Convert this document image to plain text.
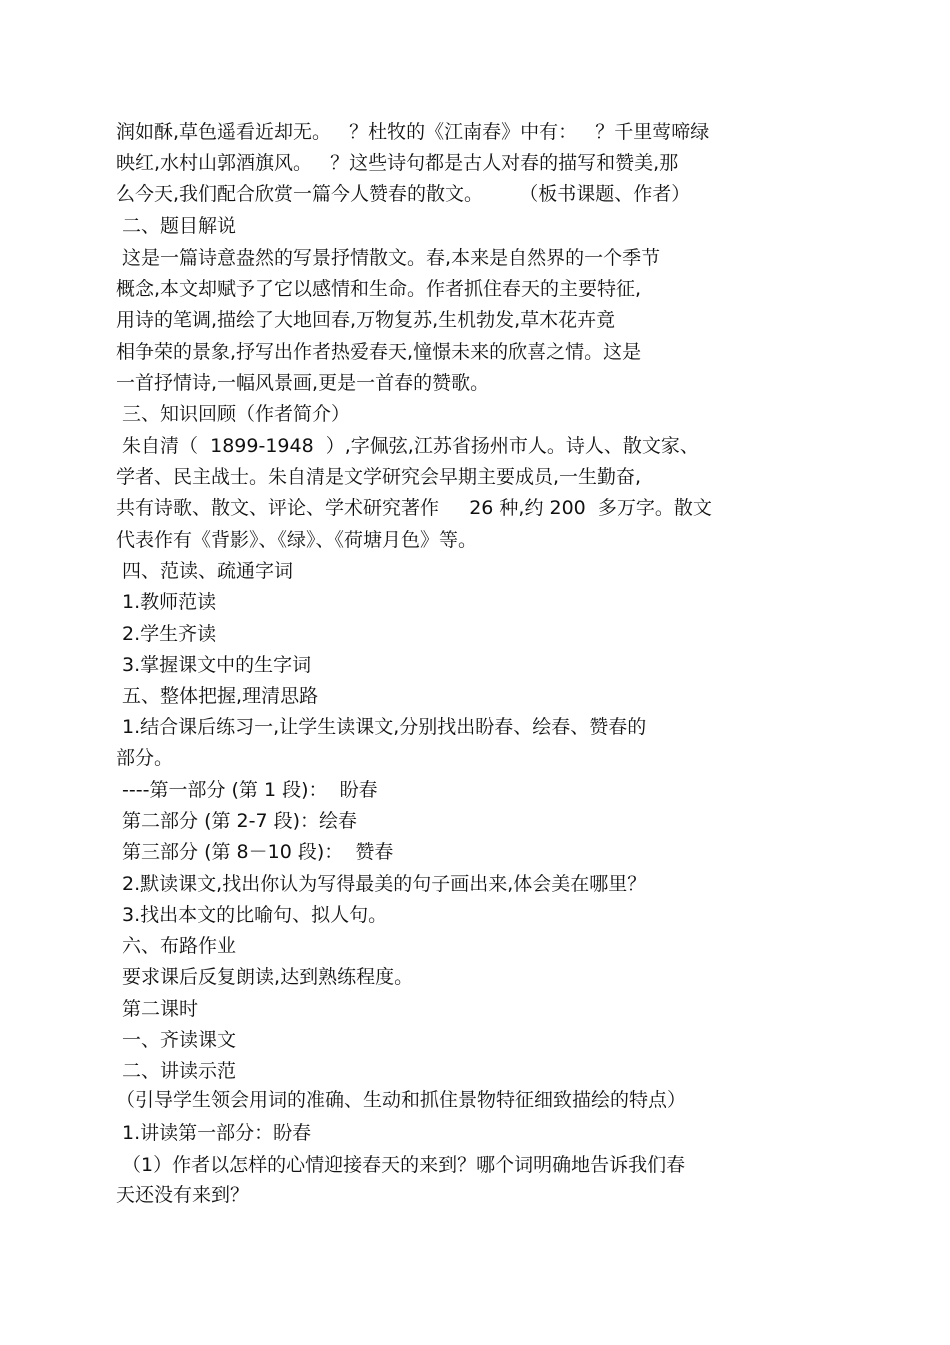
润如酥,草色遥看近却无。   ？杜牧的《江南春》中有：   ？千里莺啼绿
映红,水村山郭酒旗风。   ？这些诗句都是古人对春的描写和赞美,那
么今天,我们配合欣赏一篇今人赞春的散文。      （板书课题、作者）
二、题目解说
这是一篇诗意盎然的写景抒情散文。春,本来是自然界的一个季节
概念,本文却赋予了它以感情和生命。作者抓住春天的主要特征,
用诗的笔调,描绘了大地回春,万物复苏,生机勃发,草木花卉竟
相争荣的景象,抒写出作者热爱春天,憧憬未来的欣喜之情。这是
一首抒情诗,一幅风景画,更是一首春的赞歌。
三、知识回顾（作者简介）
朱自清（  1899-1948  ）,字佩弦,江苏省扬州市人。诗人、散文家、
学者、民主战士。朱自清是文学研究会早期主要成员,一生勤奋,
共有诗歌、散文、评论、学术研究著作     26 种,约 200  多万字。散文
代表作有《背影》、《绿》、《荷塘月色》等。
四、范读、疏通字词
1.教师范读
2.学生齐读
3.掌握课文中的生字词
五、整体把握,理清思路
1.结合课后练习一,让学生读课文,分别找出盼春、绘春、赞春的
部分。
----第一部分 (第 1 段)：  盼春
第二部分 (第 2-7 段)：绘春
第三部分 (第 8－10 段)：  赞春
2.默读课文,找出你认为写得最美的句子画出来,体会美在哪里？
3.找出本文的比喻句、拟人句。
六、布路作业
要求课后反复朗读,达到熟练程度。
第二课时
一、齐读课文
二、讲读示范
（引导学生领会用词的准确、生动和抓住景物特征细致描绘的特点）
1.讲读第一部分：盼春
（1）作者以怎样的心情迎接春天的来到？哪个词明确地告诉我们春
天还没有来到？
